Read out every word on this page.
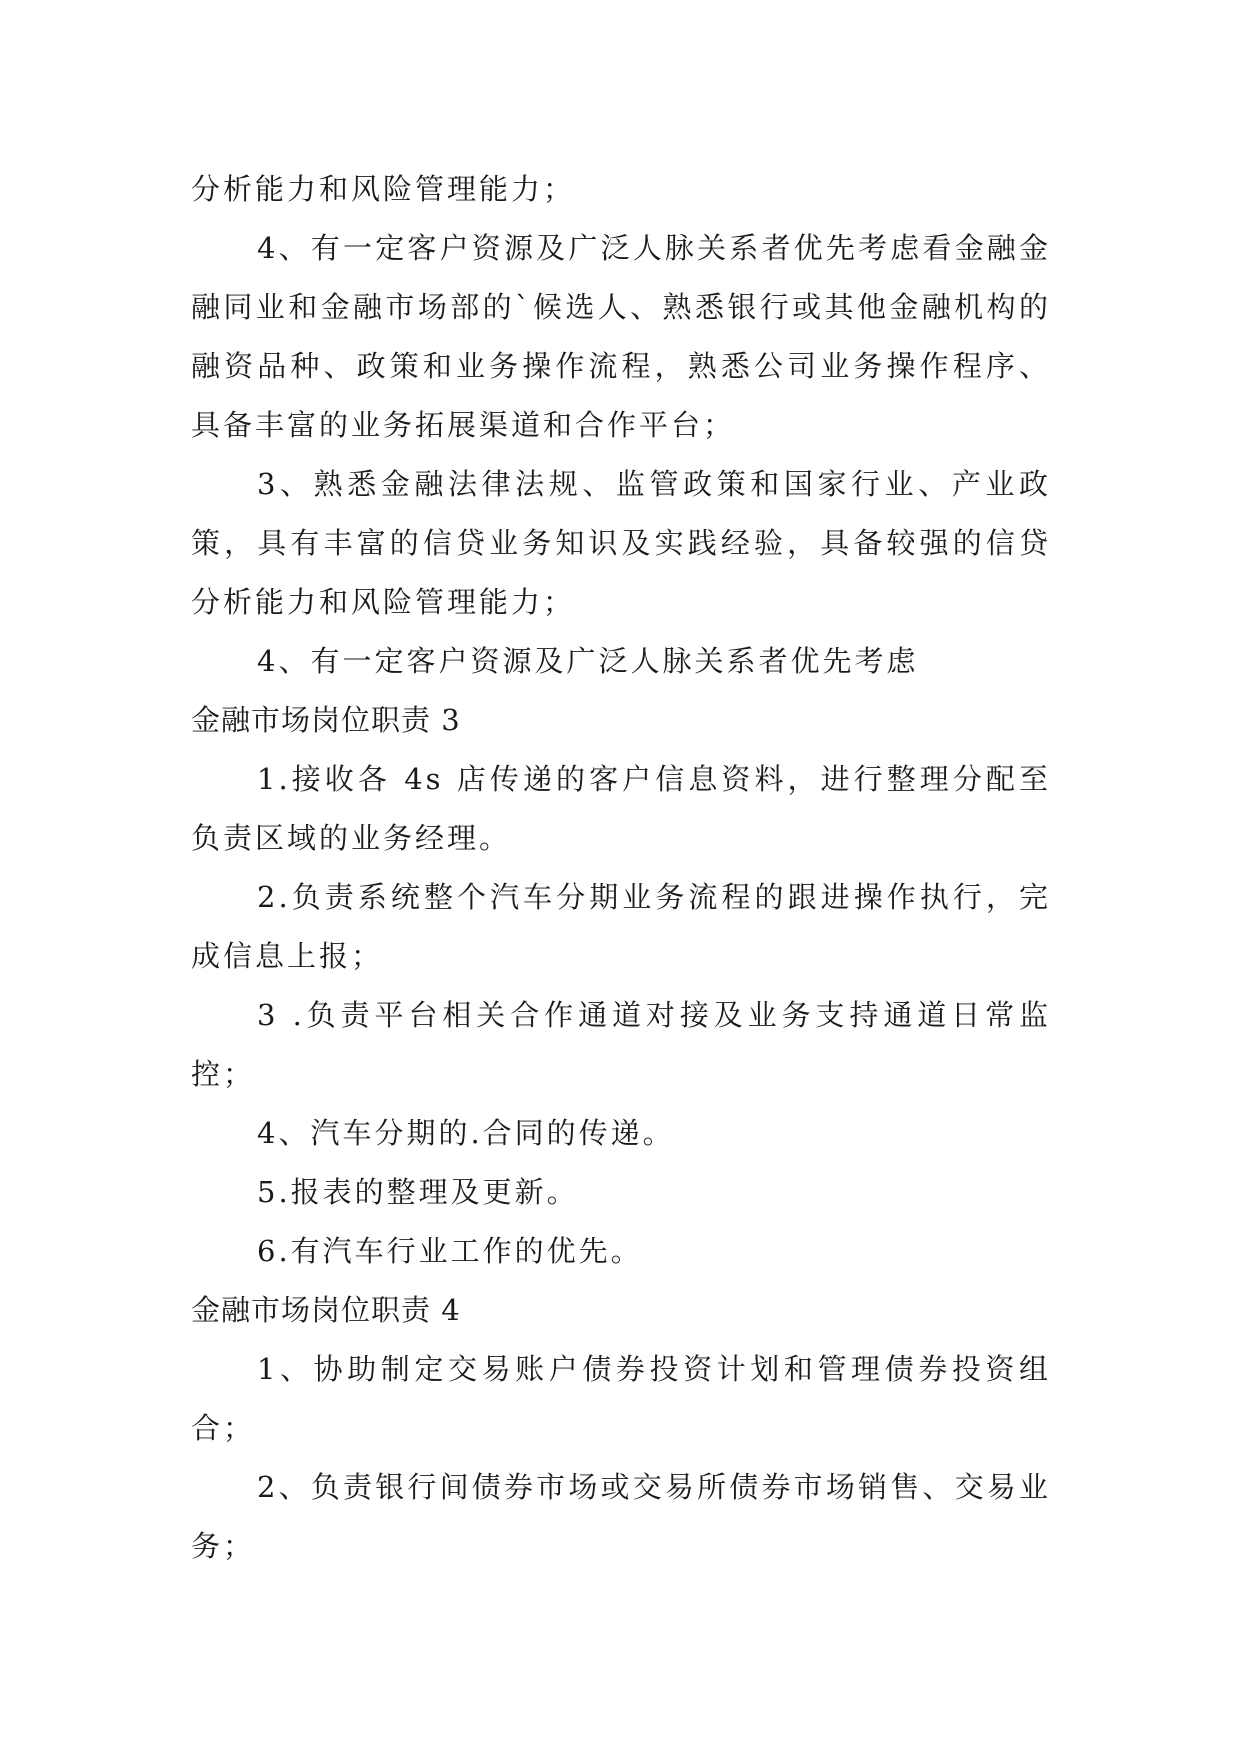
分析能力和风险管理能力；

4、有一定客户资源及广泛人脉关系者优先考虑看金融金融同业和金融市场部的`候选人、熟悉银行或其他金融机构的融资品种、政策和业务操作流程，熟悉公司业务操作程序、具备丰富的业务拓展渠道和合作平台；

3、熟悉金融法律法规、监管政策和国家行业、产业政策，具有丰富的信贷业务知识及实践经验，具备较强的信贷分析能力和风险管理能力；

4、有一定客户资源及广泛人脉关系者优先考虑

金融市场岗位职责 3

1.接收各 4s 店传递的客户信息资料，进行整理分配至负责区域的业务经理。

2.负责系统整个汽车分期业务流程的跟进操作执行，完成信息上报；

3 .负责平台相关合作通道对接及业务支持通道日常监控；

4、汽车分期的.合同的传递。

5.报表的整理及更新。

6.有汽车行业工作的优先。

金融市场岗位职责 4

1、协助制定交易账户债券投资计划和管理债券投资组合；

2、负责银行间债券市场或交易所债券市场销售、交易业务；
